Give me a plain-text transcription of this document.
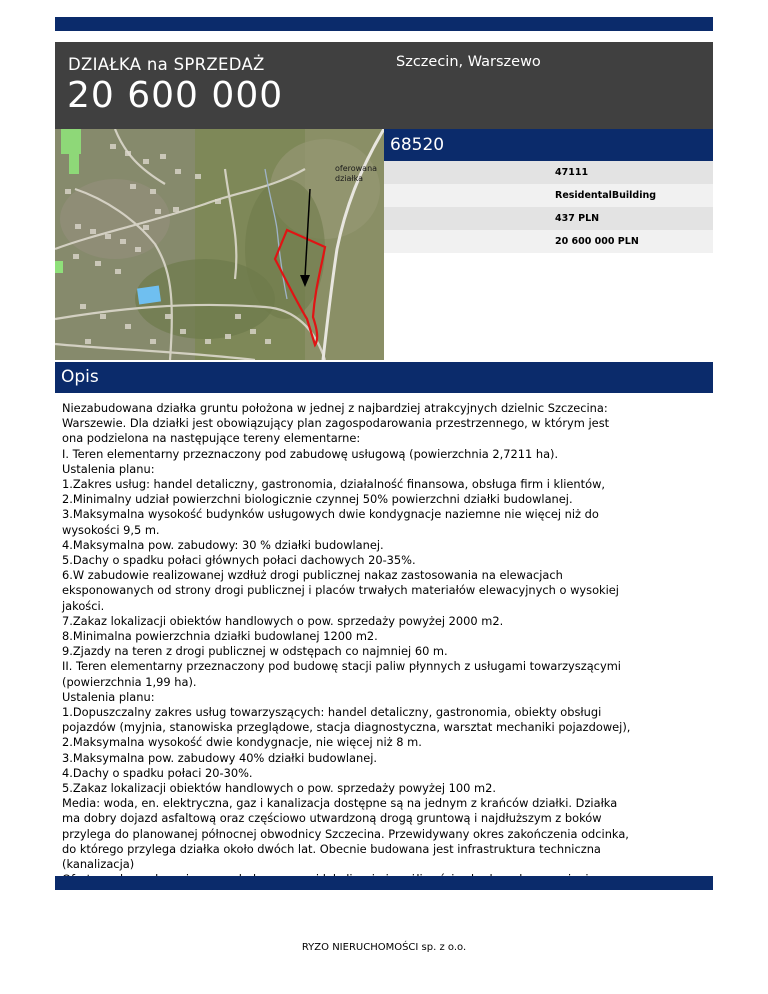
DZIAŁKA na SPRZEDAŻ
20 600 000
Szczecin, Warszewo
oferowana
działka
68520
47111
ResidentalBuilding
437 PLN
20 600 000 PLN
Opis
Niezabudowana działka gruntu położona w jednej z najbardziej atrakcyjnych dzielnic Szczecina:
Warszewie. Dla działki jest obowiązujący plan zagospodarowania przestrzennego, w którym jest
ona podzielona na następujące tereny elementarne:
I. Teren elementarny przeznaczony pod zabudowę usługową (powierzchnia 2,7211 ha).
Ustalenia planu:
1.Zakres usług: handel detaliczny, gastronomia, działalność finansowa, obsługa firm i klientów,
2.Minimalny udział powierzchni biologicznie czynnej 50% powierzchni działki budowlanej.
3.Maksymalna wysokość budynków usługowych dwie kondygnacje naziemne nie więcej niż do
wysokości 9,5 m.
4.Maksymalna pow. zabudowy: 30 % działki budowlanej.
5.Dachy o spadku połaci głównych połaci dachowych 20-35%.
6.W zabudowie realizowanej wzdłuż drogi publicznej nakaz zastosowania na elewacjach
eksponowanych od strony drogi publicznej i placów trwałych materiałów elewacyjnych o wysokiej
jakości.
7.Zakaz lokalizacji obiektów handlowych o pow. sprzedaży powyżej 2000 m2.
8.Minimalna powierzchnia działki budowlanej 1200 m2.
9.Zjazdy na teren z drogi publicznej w odstępach co najmniej 60 m.
II. Teren elementarny przeznaczony pod budowę stacji paliw płynnych z usługami towarzyszącymi
(powierzchnia 1,99 ha).
Ustalenia planu:
1.Dopuszczalny zakres usług towarzyszących: handel detaliczny, gastronomia, obiekty obsługi
pojazdów (myjnia, stanowiska przeglądowe, stacja diagnostyczna, warsztat mechaniki pojazdowej),
2.Maksymalna wysokość dwie kondygnacje, nie więcej niż 8 m.
3.Maksymalna pow. zabudowy 40% działki budowlanej.
4.Dachy o spadku połaci 20-30%.
5.Zakaz lokalizacji obiektów handlowych o pow. sprzedaży powyżej 100 m2.
Media: woda, en. elektryczna, gaz i kanalizacja dostępne są na jednym z krańców działki. Działka
ma dobry dojazd asfaltową oraz częściowo utwardzoną drogą gruntową i najdłuższym z boków
przylega do planowanej północnej obwodnicy Szczecina. Przewidywany okres zakończenia odcinka,
do którego przylega działka około dwóch lat. Obecnie budowana jest infrastruktura techniczna
(kanalizacja)
RYZO NIERUCHOMOŚCI sp. z o.o.
